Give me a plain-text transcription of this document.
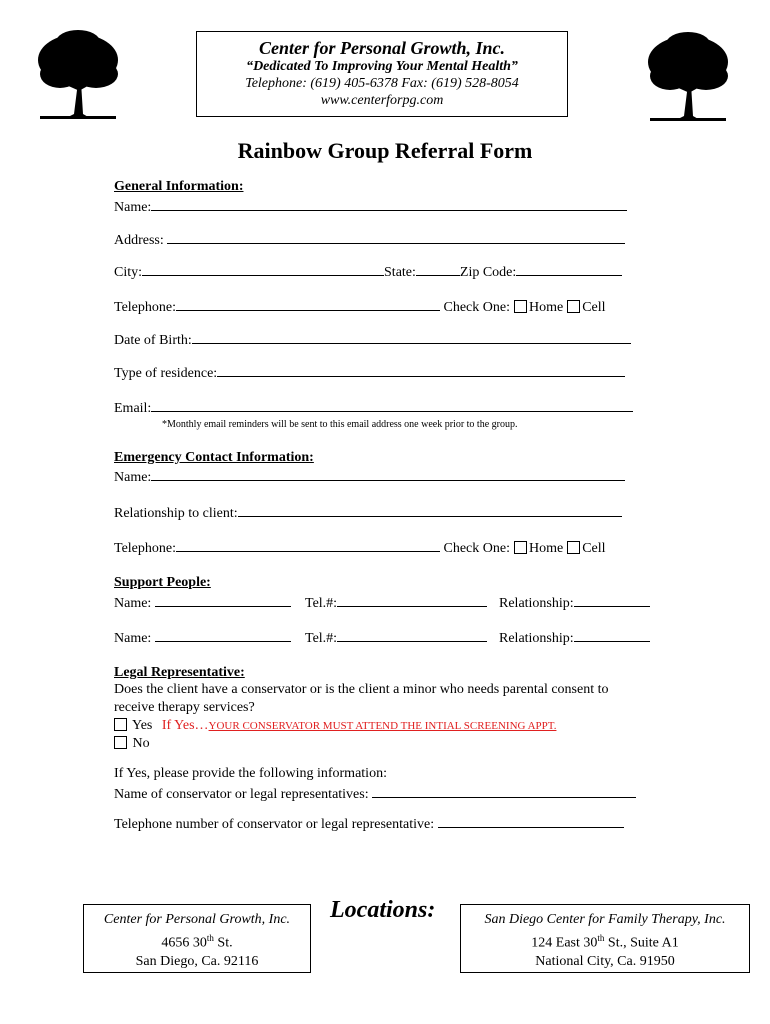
Center for Personal Growth, Inc.
“Dedicated To Improving Your Mental Health”
Telephone: (619) 405-6378 Fax: (619) 528-8054
www.centerforpg.com
Rainbow Group Referral Form
General Information:
Name:
Address:
City:	State:	Zip Code:
Telephone:	Check One: Home Cell
Date of Birth:
Type of residence:
Email:
*Monthly email reminders will be sent to this email address one week prior to the group.
Emergency Contact Information:
Name:
Relationship to client:
Telephone:	Check One: Home Cell
Support People:
Name:	Tel.#:	Relationship:
Name:	Tel.#:	Relationship:
Legal Representative:
Does the client have a conservator or is the client a minor who needs parental consent to
receive therapy services?
Yes If Yes…YOUR CONSERVATOR MUST ATTEND THE INTIAL SCREENING APPT.
No
If Yes, please provide the following information:
Name of conservator or legal representatives:
Telephone number of conservator or legal representative:
Center for Personal Growth, Inc.
4656 30th St.
San Diego, Ca. 92116
Locations:	San Diego Center for Family Therapy, Inc.
124 East 30th St., Suite A1
National City, Ca. 91950
